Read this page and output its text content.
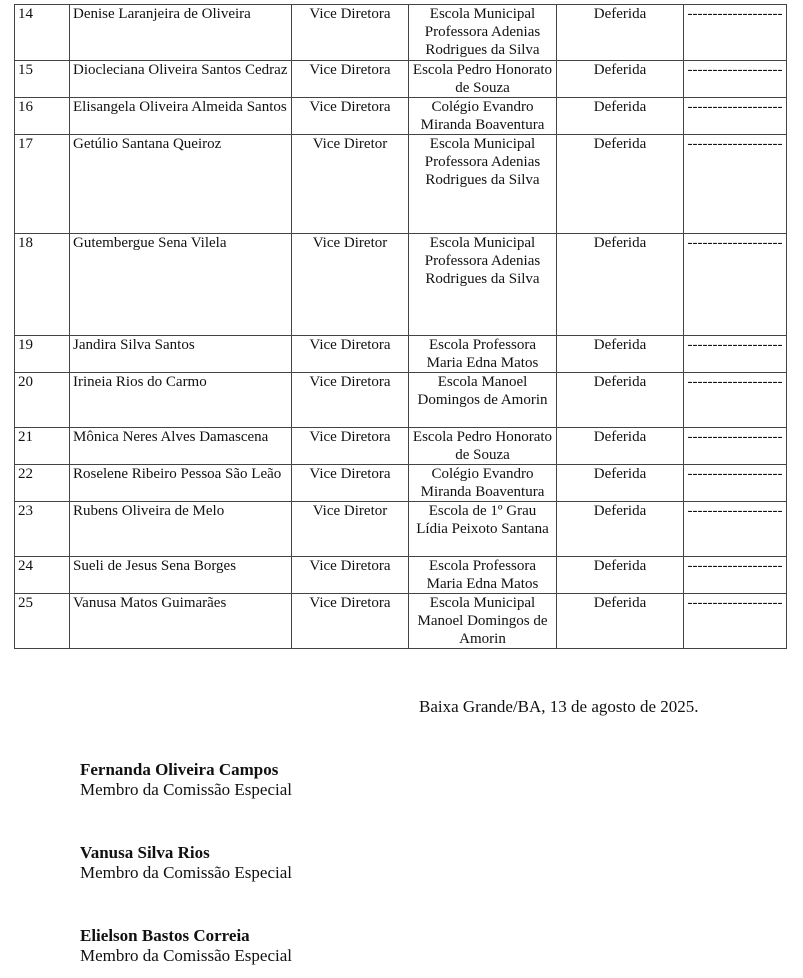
14	Denise Laranjeira de Oliveira	Vice Diretora	Escola Municipal Professora Adenias Rodrigues da Silva	Deferida	-------------------
15	Diocleciana Oliveira Santos Cedraz	Vice Diretora	Escola Pedro Honorato de Souza	Deferida	-------------------
16	Elisangela Oliveira Almeida Santos	Vice Diretora	Colégio Evandro Miranda Boaventura	Deferida	-------------------
17	Getúlio Santana Queiroz	Vice Diretor	Escola Municipal Professora Adenias Rodrigues da Silva	Deferida	-------------------
18	Gutembergue Sena Vilela	Vice Diretor	Escola Municipal Professora Adenias Rodrigues da Silva	Deferida	-------------------
19	Jandira Silva Santos	Vice Diretora	Escola Professora Maria Edna Matos	Deferida	-------------------
20	Irineia Rios do Carmo	Vice Diretora	Escola Manoel Domingos de Amorin	Deferida	-------------------
21	Mônica Neres Alves Damascena	Vice Diretora	Escola Pedro Honorato de Souza	Deferida	-------------------
22	Roselene Ribeiro Pessoa São Leão	Vice Diretora	Colégio Evandro Miranda Boaventura	Deferida	-------------------
23	Rubens Oliveira de Melo	Vice Diretor	Escola de 1º Grau Lídia Peixoto Santana	Deferida	-------------------
24	Sueli de Jesus Sena Borges	Vice Diretora	Escola Professora Maria Edna Matos	Deferida	-------------------
25	Vanusa Matos Guimarães	Vice Diretora	Escola Municipal Manoel Domingos de Amorin	Deferida	-------------------
Baixa Grande/BA, 13 de agosto de 2025.
Fernanda Oliveira Campos
Membro da Comissão Especial
Vanusa Silva Rios
Membro da Comissão Especial
Elielson Bastos Correia
Membro da Comissão Especial
